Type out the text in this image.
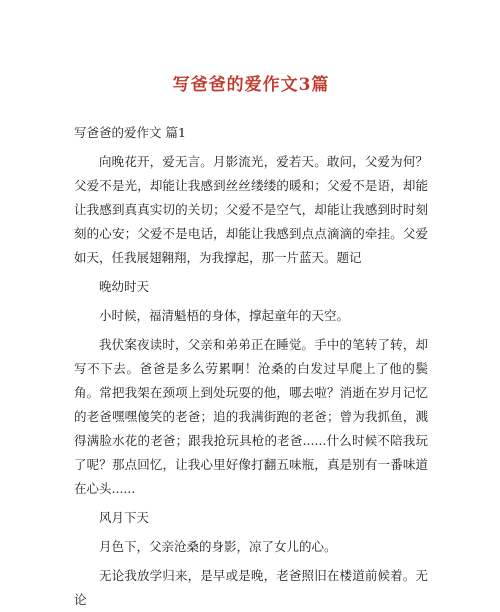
写爸爸的爱作文3篇
写爸爸的爱作文 篇1

向晚花开，爱无言。月影流光，爱若天。敢问，父爱为何？父爱不是光，却能让我感到丝丝缕缕的暖和；父爱不是语，却能让我感到真真实切的关切；父爱不是空气，却能让我感到时时刻刻的心安；父爱不是电话，却能让我感到点点滴滴的牵挂。父爱如天，任我展翅翱翔，为我撑起，那一片蓝天。题记

晚幼时天

小时候，福清魁梧的身体，撑起童年的天空。

我伏案夜读时，父亲和弟弟正在睡觉。手中的笔转了转，却写不下去。爸爸是多么劳累啊！沧桑的白发过早爬上了他的鬓角。常把我架在颈项上到处玩耍的他，哪去啦？消逝在岁月记忆的老爸嘿嘿傻笑的老爸；追的我满街跑的老爸；曾为我抓鱼，溅得满脸水花的老爸；跟我抢玩具枪的老爸......什么时候不陪我玩了呢？那点回忆，让我心里好像打翻五味瓶，真是别有一番味道在心头......

风月下天

月色下，父亲沧桑的身影，凉了女儿的心。

无论我放学归来，是早或是晚，老爸照旧在楼道前候着。无论
